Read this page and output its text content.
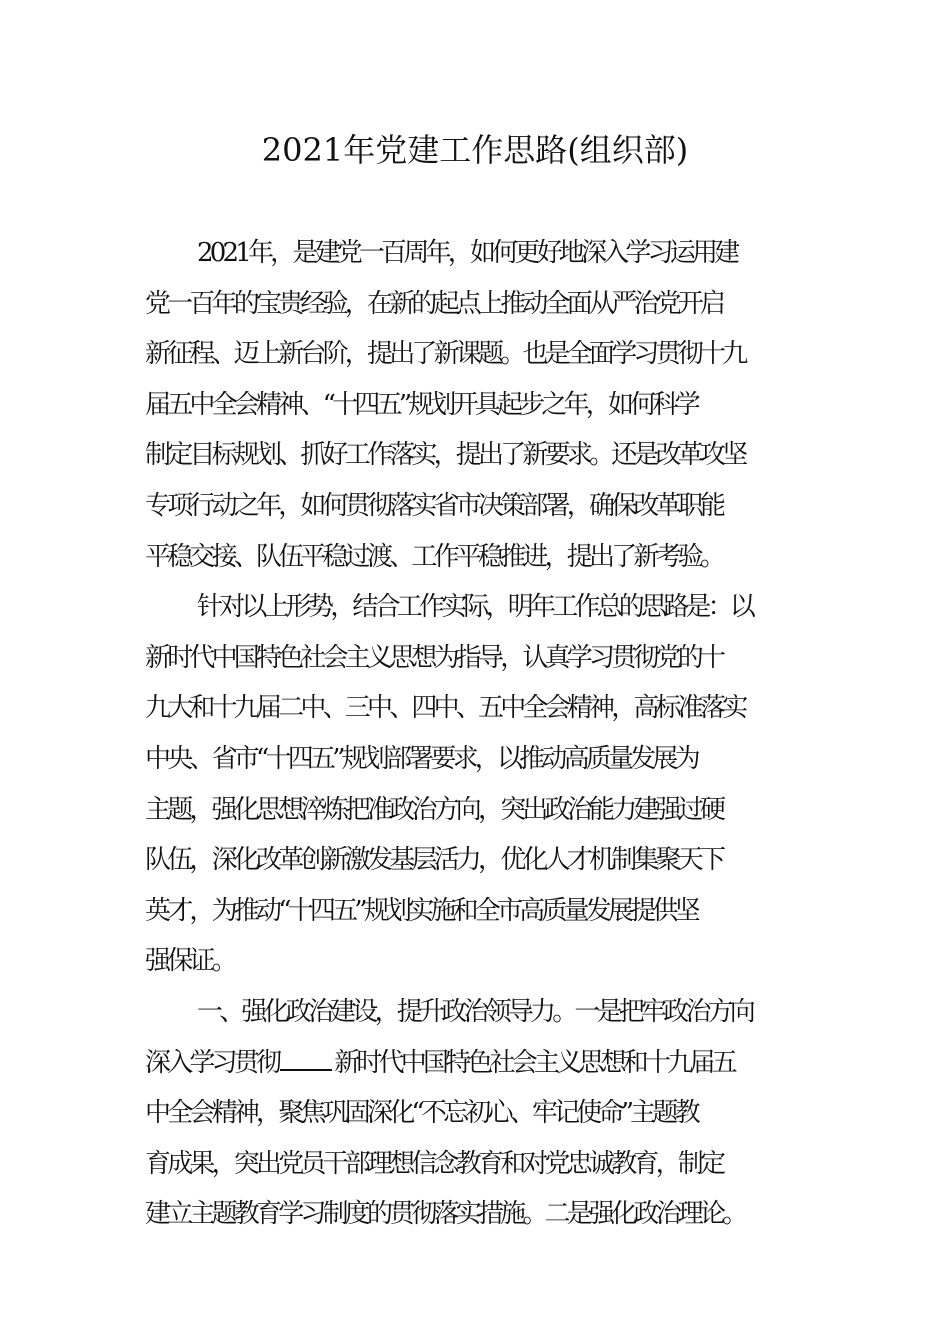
2021年党建工作思路(组织部)
2021年，是建党一百周年，如何更好地深入学习运用建
党一百年的宝贵经验，在新的起点上推动全面从严治党开启
新征程、迈上新台阶，提出了新课题。也是全面学习贯彻十九
届五中全会精神、“十四五”规划开具起步之年，如何科学
制定目标规划、抓好工作落实，提出了新要求。还是改革攻坚
专项行动之年，如何贯彻落实省市决策部署，确保改革职能
平稳交接、队伍平稳过渡、工作平稳推进，提出了新考验。
针对以上形势，结合工作实际，明年工作总的思路是：以
新时代中国特色社会主义思想为指导，认真学习贯彻党的十
九大和十九届二中、三中、四中、五中全会精神，高标准落实
中央、省市“十四五”规划部署要求，以推动高质量发展为
主题，强化思想淬炼把准政治方向，突出政治能力建强过硬
队伍，深化改革创新激发基层活力，优化人才机制集聚天下
英才，为推动“十四五”规划实施和全市高质量发展提供坚
强保证。
一、强化政治建设，提升政治领导力。一是把牢政治方向
深入学习贯彻 新时代中国特色社会主义思想和十九届五
中全会精神，聚焦巩固深化“不忘初心、牢记使命”主题教
育成果，突出党员干部理想信念教育和对党忠诚教育，制定
建立主题教育学习制度的贯彻落实措施。二是强化政治理论。
